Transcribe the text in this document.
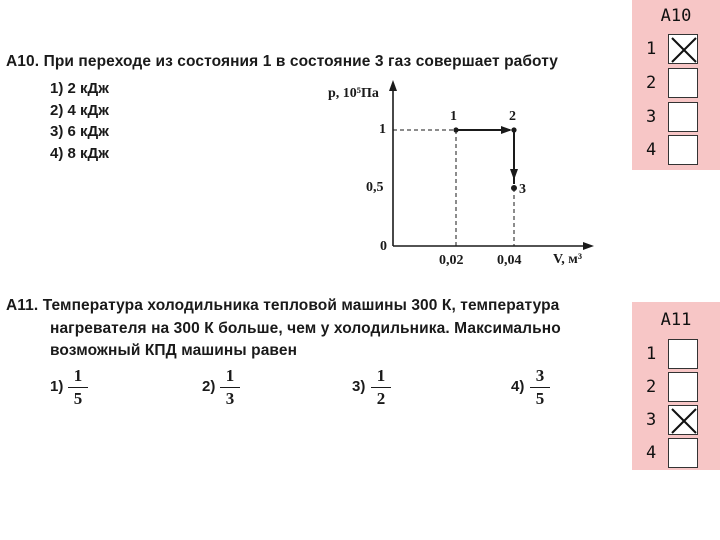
А10. При переходе из состояния 1 в состояние 3 газ совершает работу
1) 2 кДж
2) 4 кДж
3) 6 кДж
4) 8 кДж
p, 10⁵Па
V, м³
0
1
0,5
0,02 0,04
1	2
3
А11. Температура холодильника тепловой машины 300 К, температура
нагревателя на 300 К больше, чем у холодильника. Максимально
возможный КПД машины равен
1)
1
5
2)
1
3
3)
1
2
4)
3
5
А10
1
2
3
4
А11
1
2
3
4
